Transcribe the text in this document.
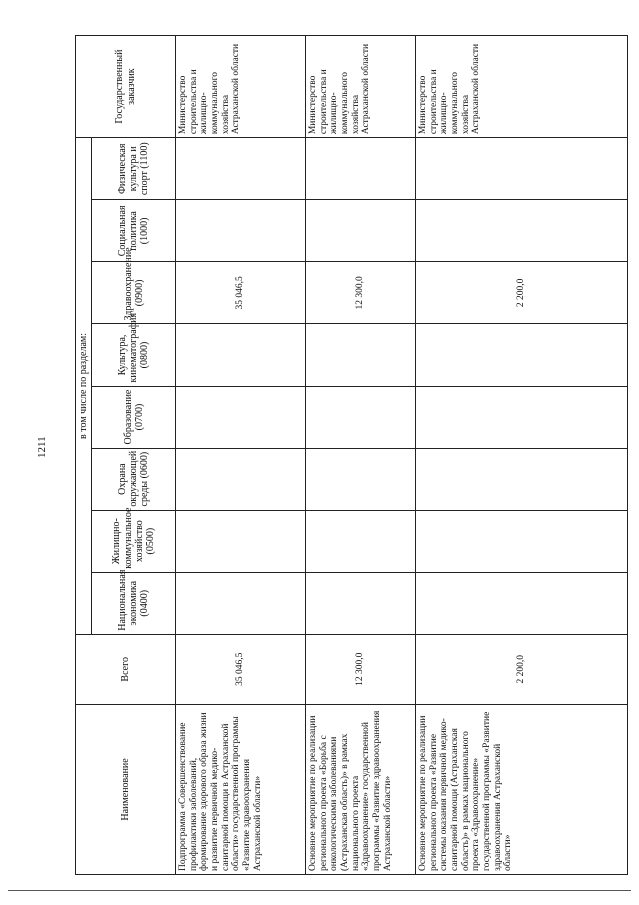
1211
Наименование	Всего	в том числе по разделам:								Государственный заказчик
		Национальная экономика (0400)	Жилищно-коммунальное хозяйство (0500)	Охрана окружающей среды (0600)	Образование (0700)	Культура, кинематография (0800)	Здравоохранение (0900)	Социальная политика (1000)	Физическая культура и спорт (1100)	
Подпрограмма «Совершенствование профилактики заболеваний, формирование здорового образа жизни и развитие первичной медико-санитарной помощи в Астраханской области» государственной программы «Развитие здравоохранения Астраханской области»	35 046,5						35 046,5			Министерство строительства и жилищно-коммунального хозяйства Астраханской области
Основное мероприятие по реализации регионального проекта «Борьба с онкологическими заболеваниями (Астраханская область)» в рамках национального проекта «Здравоохранение» государственной программы «Развитие здравоохранения Астраханской области»	12 300,0						12 300,0			Министерство строительства и жилищно-коммунального хозяйства Астраханской области
Основное мероприятие по реализации регионального проекта «Развитие системы оказания первичной медико-санитарной помощи (Астраханская область)» в рамках национального проекта «Здравоохранение» государственной программы «Развитие здравоохранения Астраханской области»	2 200,0						2 200,0			Министерство строительства и жилищно-коммунального хозяйства Астраханской области
